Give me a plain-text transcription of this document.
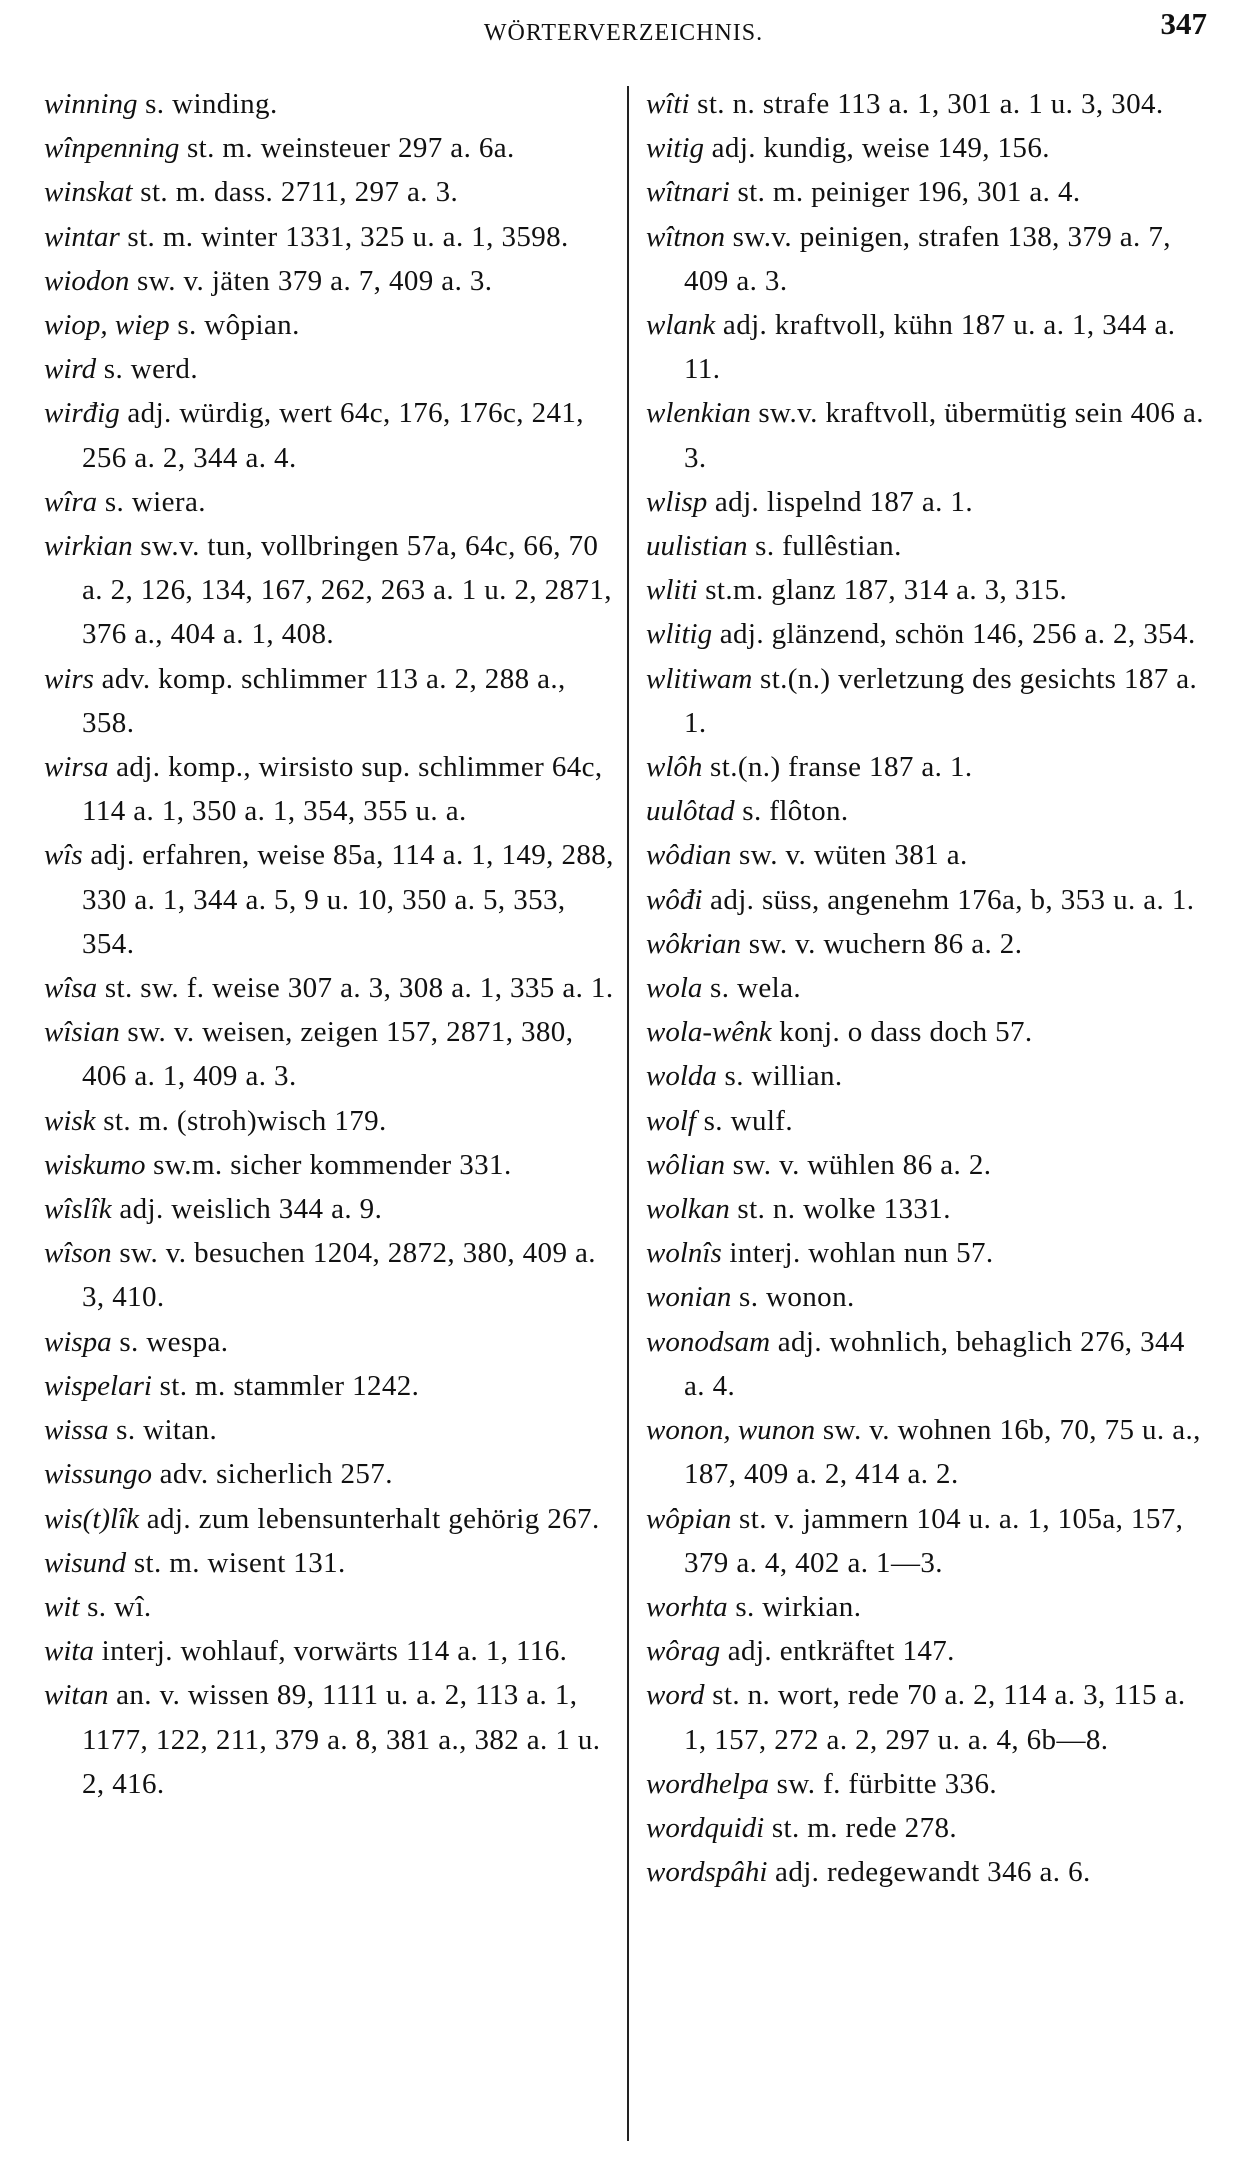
WÖRTERVERZEICHNIS.	347

winning s. winding.

wînpenning st. m. weinsteuer 297 a. 6a.

winskat st. m. dass. 2711, 297 a. 3.

wintar st. m. winter 1331, 325 u. a. 1, 3598.

wiodon sw. v. jäten 379 a. 7, 409 a. 3.

wiop, wiep s. wôpian.

wird s. werd.

wirđig adj. würdig, wert 64c, 176, 176c, 241, 256 a. 2, 344 a. 4.

wîra s. wiera.

wirkian sw.v. tun, vollbringen 57a, 64c, 66, 70 a. 2, 126, 134, 167, 262, 263 a. 1 u. 2, 2871, 376 a., 404 a. 1, 408.

wirs adv. komp. schlimmer 113 a. 2, 288 a., 358.

wirsa adj. komp., wirsisto sup. schlimmer 64c, 114 a. 1, 350 a. 1, 354, 355 u. a.

wîs adj. erfahren, weise 85a, 114 a. 1, 149, 288, 330 a. 1, 344 a. 5, 9 u. 10, 350 a. 5, 353, 354.

wîsa st. sw. f. weise 307 a. 3, 308 a. 1, 335 a. 1.

wîsian sw. v. weisen, zeigen 157, 2871, 380, 406 a. 1, 409 a. 3.

wisk st. m. (stroh)wisch 179.

wiskumo sw.m. sicher kommender 331.

wîslîk adj. weislich 344 a. 9.

wîson sw. v. besuchen 1204, 2872, 380, 409 a. 3, 410.

wispa s. wespa.

wispelari st. m. stammler 1242.

wissa s. witan.

wissungo adv. sicherlich 257.

wis(t)lîk adj. zum lebensunterhalt gehörig 267.

wisund st. m. wisent 131.

wit s. wî.

wita interj. wohlauf, vorwärts 114 a. 1, 116.

witan an. v. wissen 89, 1111 u. a. 2, 113 a. 1, 1177, 122, 211, 379 a. 8, 381 a., 382 a. 1 u. 2, 416.

wîti st. n. strafe 113 a. 1, 301 a. 1 u. 3, 304.

witig adj. kundig, weise 149, 156.

wîtnari st. m. peiniger 196, 301 a. 4.

wîtnon sw.v. peinigen, strafen 138, 379 a. 7, 409 a. 3.

wlank adj. kraftvoll, kühn 187 u. a. 1, 344 a. 11.

wlenkian sw.v. kraftvoll, übermütig sein 406 a. 3.

wlisp adj. lispelnd 187 a. 1.

uulistian s. fullêstian.

wliti st.m. glanz 187, 314 a. 3, 315.

wlitig adj. glänzend, schön 146, 256 a. 2, 354.

wlitiwam st.(n.) verletzung des gesichts 187 a. 1.

wlôh st.(n.) franse 187 a. 1.

uulôtad s. flôton.

wôdian sw. v. wüten 381 a.

wôđi adj. süss, angenehm 176a, b, 353 u. a. 1.

wôkrian sw. v. wuchern 86 a. 2.

wola s. wela.

wola-wênk konj. o dass doch 57.

wolda s. willian.

wolf s. wulf.

wôlian sw. v. wühlen 86 a. 2.

wolkan st. n. wolke 1331.

wolnîs interj. wohlan nun 57.

wonian s. wonon.

wonodsam adj. wohnlich, behaglich 276, 344 a. 4.

wonon, wunon sw. v. wohnen 16b, 70, 75 u. a., 187, 409 a. 2, 414 a. 2.

wôpian st. v. jammern 104 u. a. 1, 105a, 157, 379 a. 4, 402 a. 1—3.

worhta s. wirkian.

wôrag adj. entkräftet 147.

word st. n. wort, rede 70 a. 2, 114 a. 3, 115 a. 1, 157, 272 a. 2, 297 u. a. 4, 6b—8.

wordhelpa sw. f. fürbitte 336.

wordquidi st. m. rede 278.

wordspâhi adj. redegewandt 346 a. 6.
